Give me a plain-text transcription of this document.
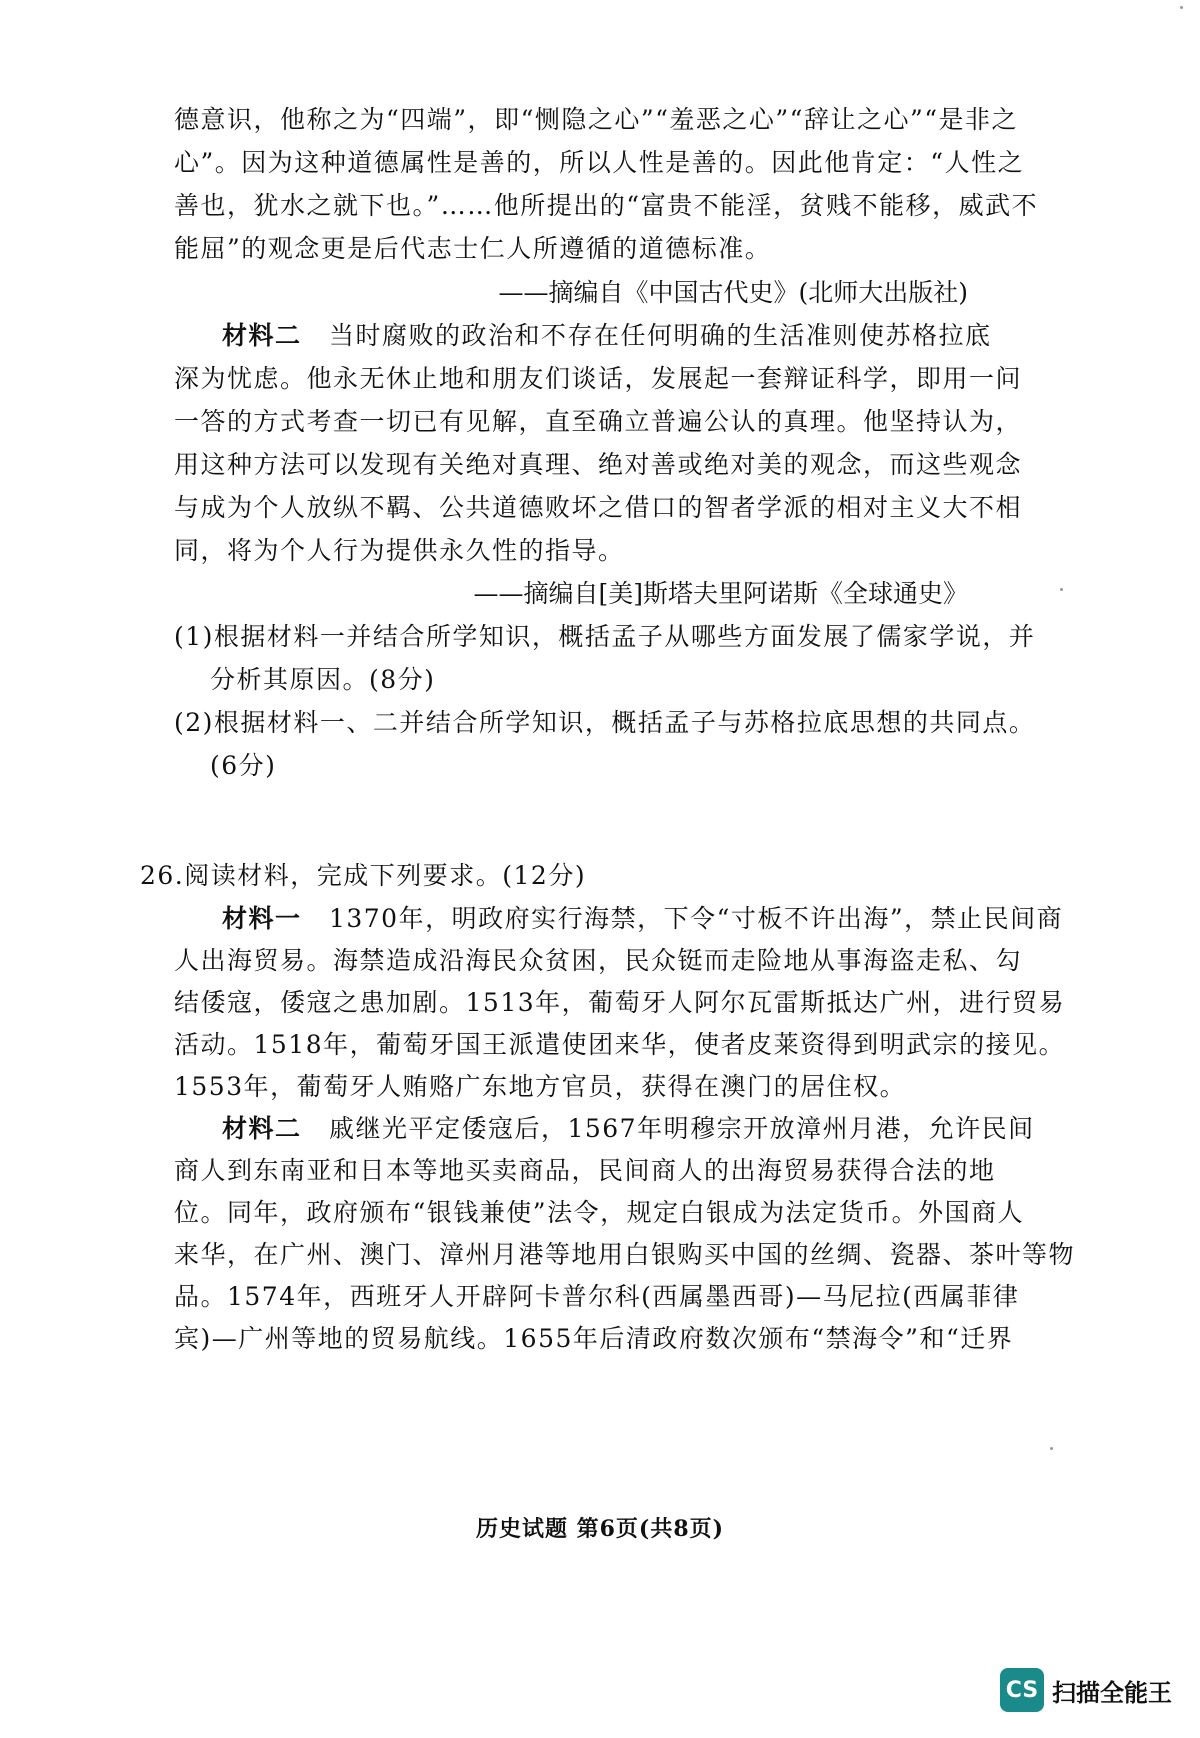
德意识，他称之为“四端”，即“恻隐之心”“羞恶之心”“辞让之心”“是非之
心”。因为这种道德属性是善的，所以人性是善的。因此他肯定：“人性之
善也，犹水之就下也。”……他所提出的“富贵不能淫，贫贱不能移，威武不
能屈”的观念更是后代志士仁人所遵循的道德标准。
——摘编自《中国古代史》(北师大出版社)
材料二 当时腐败的政治和不存在任何明确的生活准则使苏格拉底
深为忧虑。他永无休止地和朋友们谈话，发展起一套辩证科学，即用一问
一答的方式考查一切已有见解，直至确立普遍公认的真理。他坚持认为，
用这种方法可以发现有关绝对真理、绝对善或绝对美的观念，而这些观念
与成为个人放纵不羁、公共道德败坏之借口的智者学派的相对主义大不相
同，将为个人行为提供永久性的指导。
——摘编自[美]斯塔夫里阿诺斯《全球通史》
(1)根据材料一并结合所学知识，概括孟子从哪些方面发展了儒家学说，并
分析其原因。(8分)
(2)根据材料一、二并结合所学知识，概括孟子与苏格拉底思想的共同点。
(6分)
26.阅读材料，完成下列要求。(12分)
材料一 1370年，明政府实行海禁，下令“寸板不许出海”，禁止民间商
人出海贸易。海禁造成沿海民众贫困，民众铤而走险地从事海盗走私、勾
结倭寇，倭寇之患加剧。1513年，葡萄牙人阿尔瓦雷斯抵达广州，进行贸易
活动。1518年，葡萄牙国王派遣使团来华，使者皮莱资得到明武宗的接见。
1553年，葡萄牙人贿赂广东地方官员，获得在澳门的居住权。
材料二 戚继光平定倭寇后，1567年明穆宗开放漳州月港，允许民间
商人到东南亚和日本等地买卖商品，民间商人的出海贸易获得合法的地
位。同年，政府颁布“银钱兼使”法令，规定白银成为法定货币。外国商人
来华，在广州、澳门、漳州月港等地用白银购买中国的丝绸、瓷器、茶叶等物
品。1574年，西班牙人开辟阿卡普尔科(西属墨西哥)—马尼拉(西属菲律
宾)—广州等地的贸易航线。1655年后清政府数次颁布“禁海令”和“迁界
历史试题 第6页(共8页)
CS 扫描全能王
